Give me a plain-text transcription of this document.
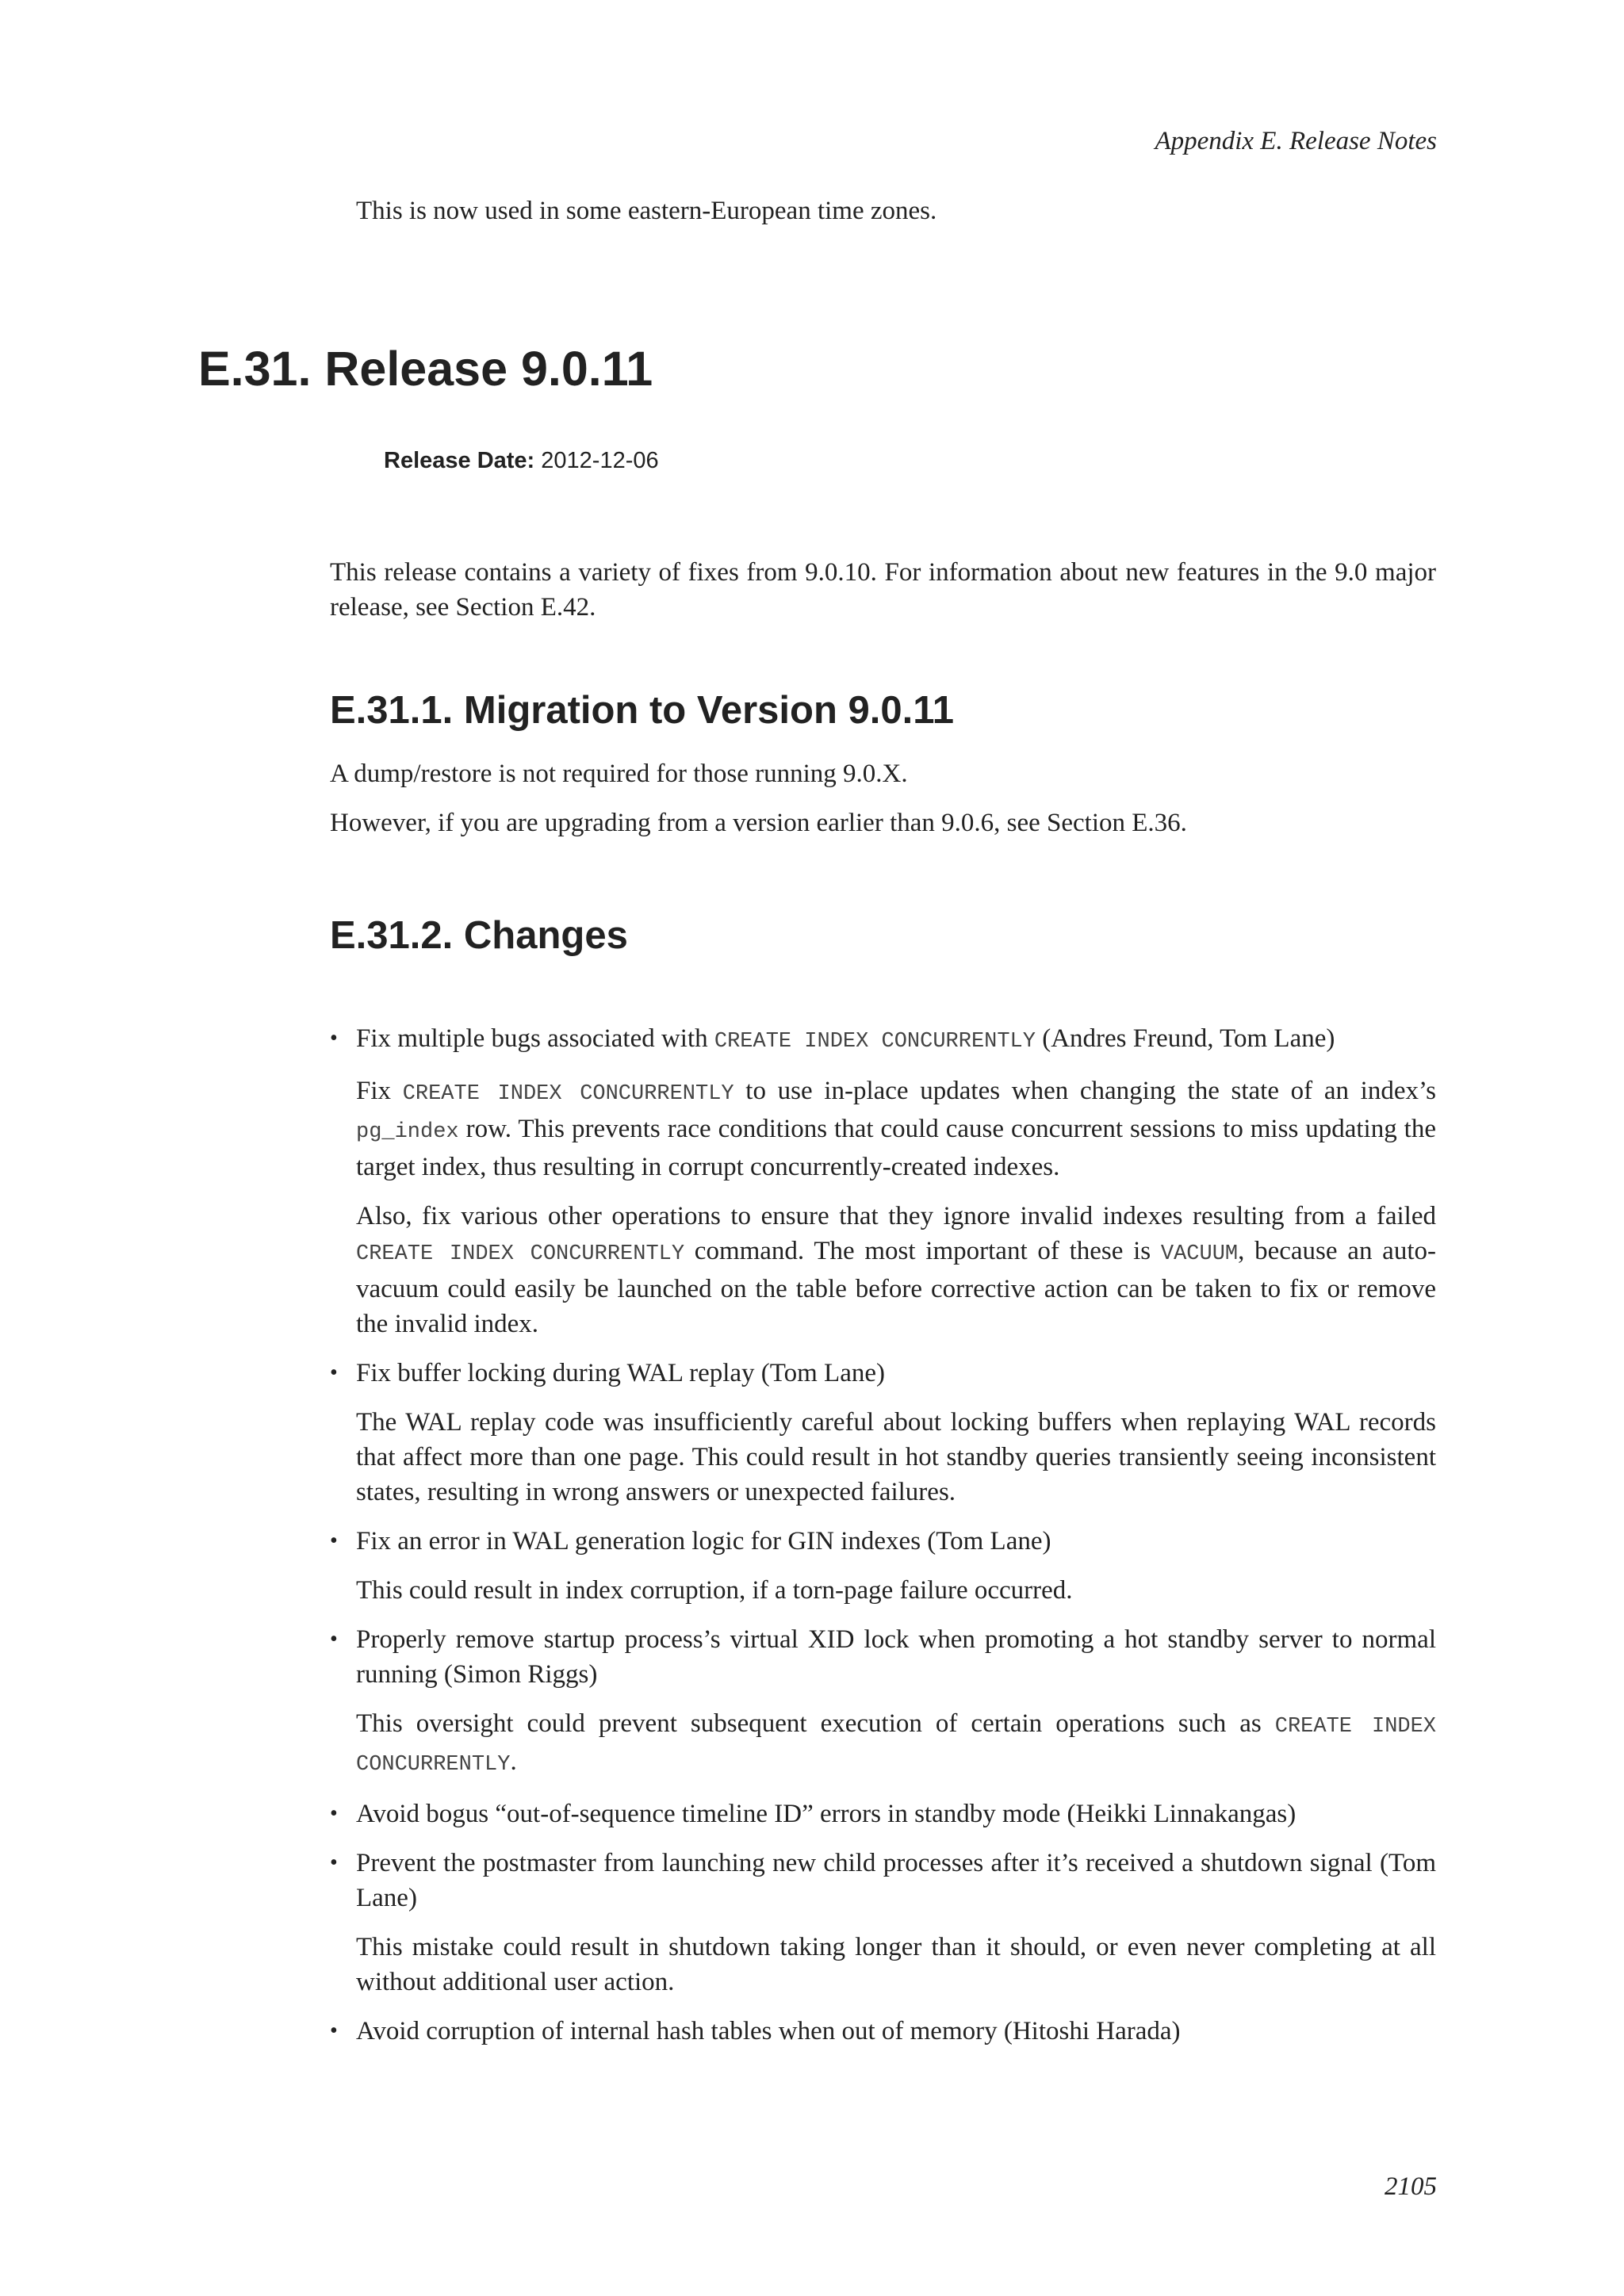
Appendix E. Release Notes
This is now used in some eastern-European time zones.
E.31. Release 9.0.11
Release Date: 2012-12-06

This release contains a variety of fixes from 9.0.10. For information about new features in the 9.0 major release, see Section E.42.

E.31.1. Migration to Version 9.0.11

A dump/restore is not required for those running 9.0.X.

However, if you are upgrading from a version earlier than 9.0.6, see Section E.36.

E.31.2. Changes

• Fix multiple bugs associated with CREATE INDEX CONCURRENTLY (Andres Freund, Tom Lane)

Fix CREATE INDEX CONCURRENTLY to use in-place updates when changing the state of an index’s pg_index row. This prevents race conditions that could cause concurrent sessions to miss updating the target index, thus resulting in corrupt concurrently-created indexes.

Also, fix various other operations to ensure that they ignore invalid indexes resulting from a failed CREATE INDEX CONCURRENTLY command. The most important of these is VACUUM, because an auto-vacuum could easily be launched on the table before corrective action can be taken to fix or remove the invalid index.

• Fix buffer locking during WAL replay (Tom Lane)

The WAL replay code was insufficiently careful about locking buffers when replaying WAL records that affect more than one page. This could result in hot standby queries transiently seeing inconsistent states, resulting in wrong answers or unexpected failures.

• Fix an error in WAL generation logic for GIN indexes (Tom Lane)

This could result in index corruption, if a torn-page failure occurred.

• Properly remove startup process’s virtual XID lock when promoting a hot standby server to normal running (Simon Riggs)

This oversight could prevent subsequent execution of certain operations such as CREATE INDEX CONCURRENTLY.

• Avoid bogus “out-of-sequence timeline ID” errors in standby mode (Heikki Linnakangas)

• Prevent the postmaster from launching new child processes after it’s received a shutdown signal (Tom Lane)

This mistake could result in shutdown taking longer than it should, or even never completing at all without additional user action.

• Avoid corruption of internal hash tables when out of memory (Hitoshi Harada)

2105
